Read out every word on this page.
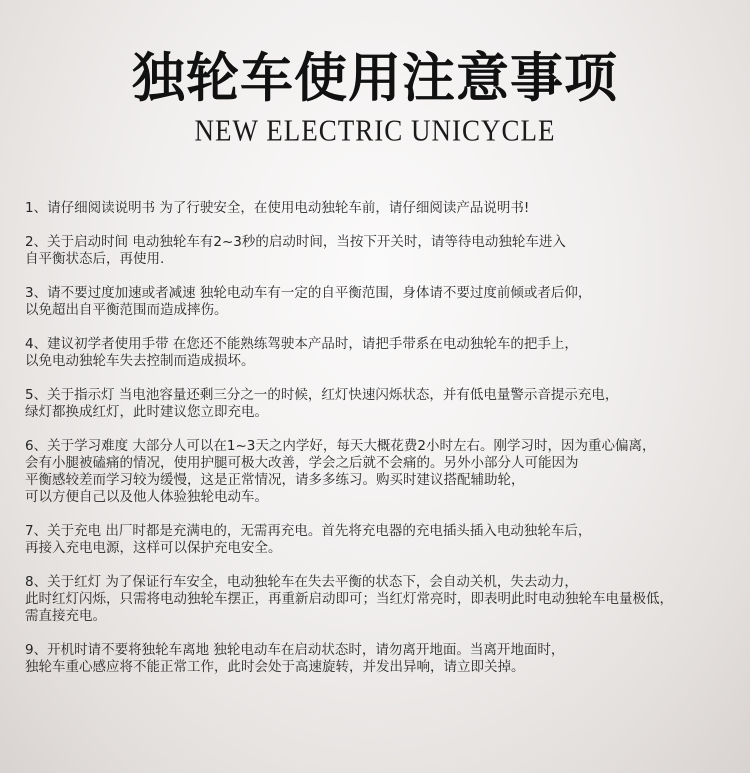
独轮车使用注意事项
NEW ELECTRIC UNICYCLE
1、请仔细阅读说明书 为了行驶安全，在使用电动独轮车前，请仔细阅读产品说明书!
2、关于启动时间 电动独轮车有2~3秒的启动时间，当按下开关时，请等待电动独轮车进入
自平衡状态后，再使用.
3、请不要过度加速或者减速 独轮电动车有一定的自平衡范围，身体请不要过度前倾或者后仰，
以免超出自平衡范围而造成摔伤。
4、建议初学者使用手带 在您还不能熟练驾驶本产品时，请把手带系在电动独轮车的把手上，
以免电动独轮车失去控制而造成损坏。
5、关于指示灯 当电池容量还剩三分之一的时候，红灯快速闪烁状态，并有低电量警示音提示充电，
绿灯都换成红灯，此时建议您立即充电。
6、关于学习难度 大部分人可以在1~3天之内学好，每天大概花费2小时左右。刚学习时，因为重心偏离，
会有小腿被磕痛的情况，使用护腿可极大改善，学会之后就不会痛的。另外小部分人可能因为
平衡感较差而学习较为缓慢，这是正常情况，请多多练习。购买时建议搭配辅助轮，
可以方便自己以及他人体验独轮电动车。
7、关于充电 出厂时都是充满电的，无需再充电。首先将充电器的充电插头插入电动独轮车后，
再接入充电电源，这样可以保护充电安全。
8、关于红灯 为了保证行车安全，电动独轮车在失去平衡的状态下，会自动关机，失去动力，
此时红灯闪烁，只需将电动独轮车摆正，再重新启动即可；当红灯常亮时，即表明此时电动独轮车电量极低，
需直接充电。
9、开机时请不要将独轮车离地 独轮电动车在启动状态时，请勿离开地面。当离开地面时，
独轮车重心感应将不能正常工作，此时会处于高速旋转，并发出异响，请立即关掉。
